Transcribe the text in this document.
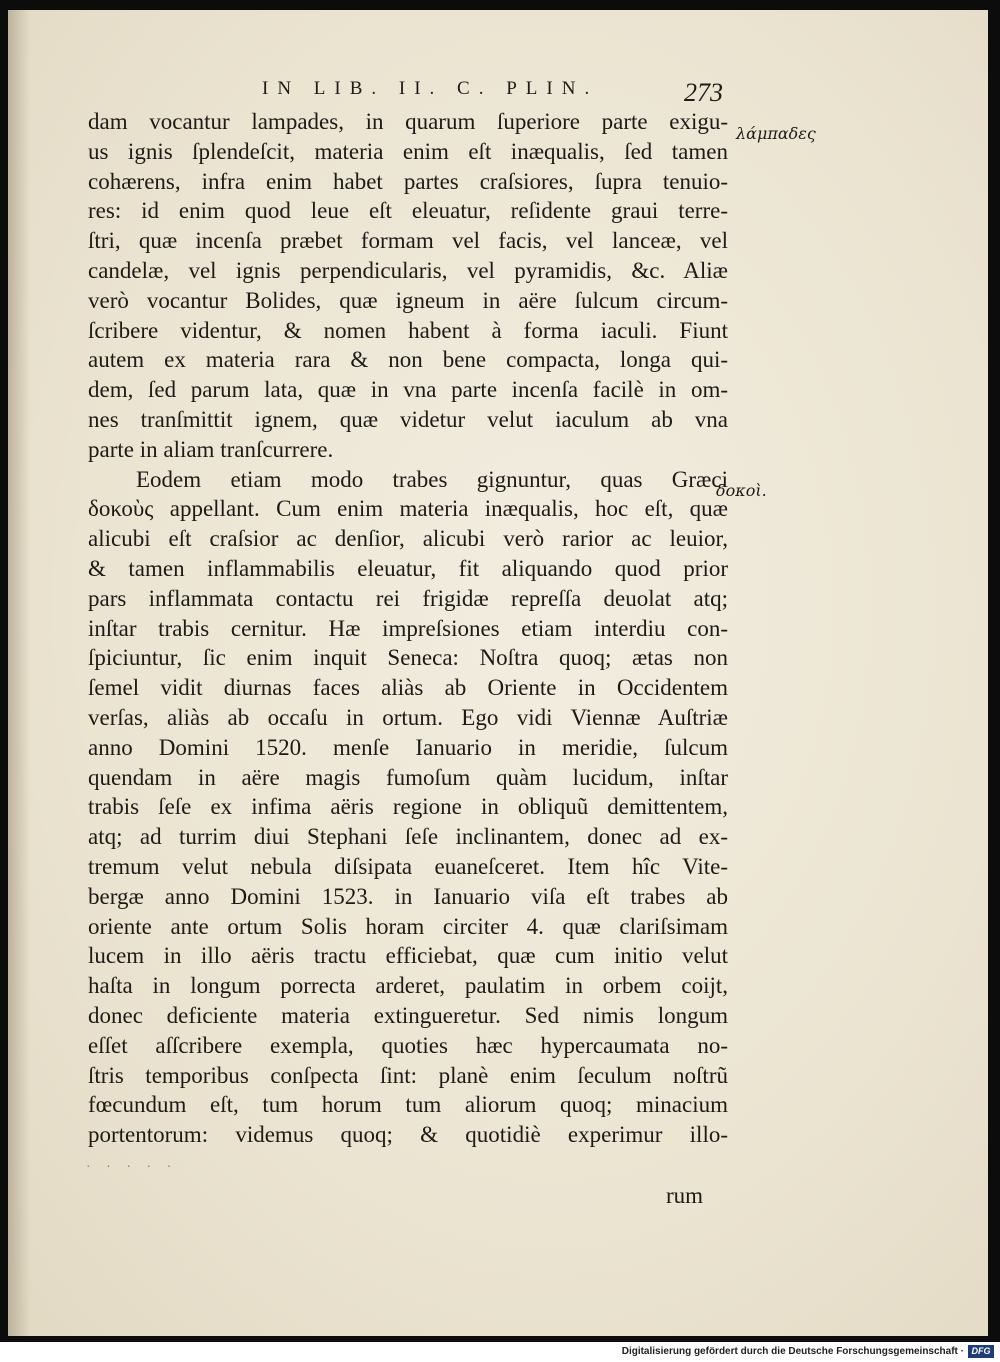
IN LIB. II. C. PLIN.	273
λάμπαδες
δοκοὶ.
dam vocantur lampades, in quarum ſuperiore parte exigu-
us ignis ſplendeſcit, materia enim eſt inæqualis, ſed tamen
cohærens, infra enim habet partes craſsiores, ſupra tenuio-
res: id enim quod leue eſt eleuatur, reſidente graui terre-
ſtri, quæ incenſa præbet formam vel facis, vel lanceæ, vel
candelæ, vel ignis perpendicularis, vel pyramidis, &c. Aliæ
verò vocantur Bolides, quæ igneum in aëre ſulcum circum-
ſcribere videntur, & nomen habent à forma iaculi. Fiunt
autem ex materia rara & non bene compacta, longa qui-
dem, ſed parum lata, quæ in vna parte incenſa facilè in om-
nes tranſmittit ignem, quæ videtur velut iaculum ab vna
parte in aliam tranſcurrere.
Eodem etiam modo trabes gignuntur, quas Græci
δοκοὺς appellant. Cum enim materia inæqualis, hoc eſt, quæ
alicubi eſt craſsior ac denſior, alicubi verò rarior ac leuior,
& tamen inflammabilis eleuatur, fit aliquando quod prior
pars inflammata contactu rei frigidæ repreſſa deuolat atq;
inſtar trabis cernitur. Hæ impreſsiones etiam interdiu con-
ſpiciuntur, ſic enim inquit Seneca: Noſtra quoq; ætas non
ſemel vidit diurnas faces aliàs ab Oriente in Occidentem
verſas, aliàs ab occaſu in ortum. Ego vidi Viennæ Auſtriæ
anno Domini 1520. menſe Ianuario in meridie, ſulcum
quendam in aëre magis fumoſum quàm lucidum, inſtar
trabis ſeſe ex infima aëris regione in obliquũ demittentem,
atq; ad turrim diui Stephani ſeſe inclinantem, donec ad ex-
tremum velut nebula diſsipata euaneſceret. Item hîc Vite-
bergæ anno Domini 1523. in Ianuario viſa eſt trabes ab
oriente ante ortum Solis horam circiter 4. quæ clariſsimam
lucem in illo aëris tractu efficiebat, quæ cum initio velut
haſta in longum porrecta arderet, paulatim in orbem coijt,
donec deficiente materia extingueretur. Sed nimis longum
eſſet aſſcribere exempla, quoties hæc hypercaumata no-
ſtris temporibus conſpecta ſint: planè enim ſeculum noſtrũ
fœcundum eſt, tum horum tum aliorum quoq; minacium
portentorum: videmus quoq; & quotidiè experimur illo-
· · · · ·
rum
Digitalisierung gefördert durch die Deutsche Forschungsgemeinschaft · DFG
